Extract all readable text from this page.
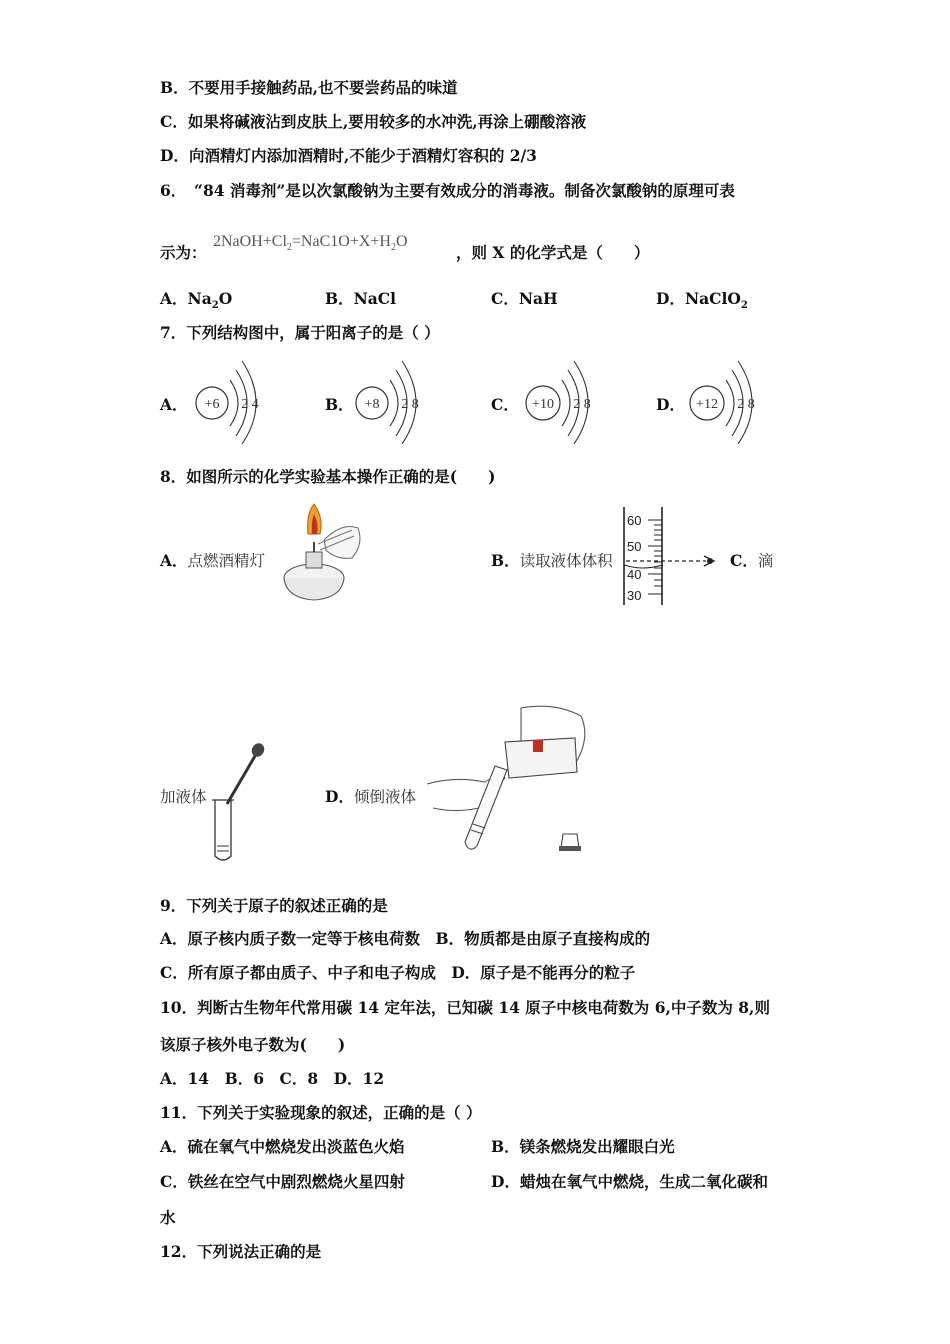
B．不要用手接触药品,也不要尝药品的味道
C．如果将碱液沾到皮肤上,要用较多的水冲洗,再涂上硼酸溶液
D．向酒精灯内添加酒精时,不能少于酒精灯容积的 2/3
6．　“84 消毒剂”是以次氯酸钠为主要有效成分的消毒液。制备次氯酸钠的原理可表
示为：
$2NaOH+Cl_2=NaC1O+X+H_2O$
，则 X 的化学式是（　　）
A．$Na_2O$	B．NaCl	C．NaH	D．NaClO$_2$
7．下列结构图中，属于阳离子的是（ ）
A． +6 2 4	B． +8 2 8	C． +10 2 8	D． +12 2 8
8．如图所示的化学实验基本操作正确的是(　　)
A．点燃酒精灯	B．读取液体体积
60
50
40
30
C．滴
加液体	D．倾倒液体
9．下列关于原子的叙述正确的是
A．原子核内质子数一定等于核电荷数　B．物质都是由原子直接构成的
C．所有原子都由质子、中子和电子构成　D．原子是不能再分的粒子
10．判断古生物年代常用碳 14 定年法，已知碳 14 原子中核电荷数为 6,中子数为 8,则
该原子核外电子数为(　　)
A．14　B．6　C．8　D．12
11．下列关于实验现象的叙述，正确的是（ ）
A．硫在氧气中燃烧发出淡蓝色火焰	B．镁条燃烧发出耀眼白光
C．铁丝在空气中剧烈燃烧火星四射	D．蜡烛在氧气中燃烧，生成二氧化碳和
水
12．下列说法正确的是
